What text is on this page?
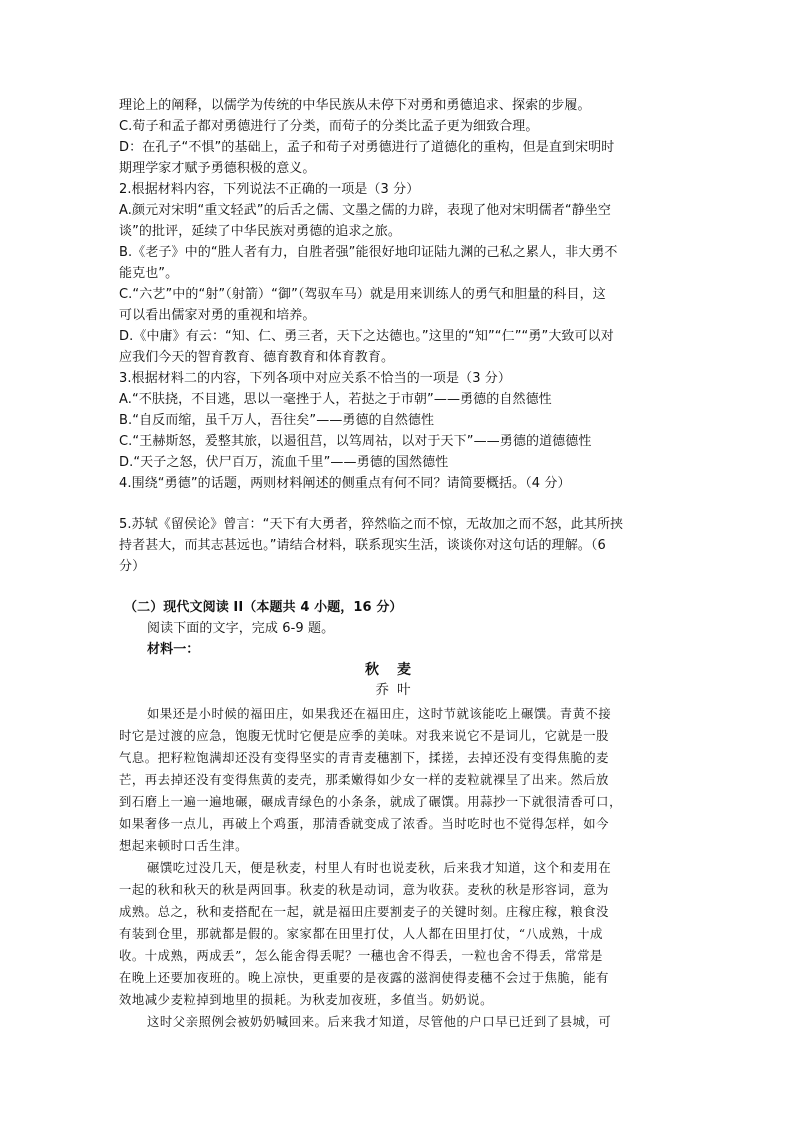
理论上的阐释，以儒学为传统的中华民族从未停下对勇和勇德追求、探索的步履。
C.荀子和孟子都对勇德进行了分类，而荀子的分类比孟子更为细致合理。
D：在孔子“不惧”的基础上，孟子和荀子对勇德进行了道德化的重构，但是直到宋明时
期理学家才赋予勇德积极的意义。
2.根据材料内容，下列说法不正确的一项是（3 分）
A.颜元对宋明“重文轻武”的后舌之儒、文墨之儒的力辟，表现了他对宋明儒者“静坐空
谈”的批评，延续了中华民族对勇德的追求之旅。
B.《老子》中的“胜人者有力，自胜者强”能很好地印证陆九渊的己私之累人，非大勇不
能克也”。
C.“六艺”中的“射”（射箭）“御”（驾驭车马）就是用来训练人的勇气和胆量的科目，这
可以看出儒家对勇的重视和培养。
D.《中庸》有云：“知、仁、勇三者，天下之达德也。”这里的“知”“仁”“勇”大致可以对
应我们今天的智育教育、德育教育和体育教育。
3.根据材料二的内容，下列各项中对应关系不恰当的一项是（3 分）
A.“不肤挠，不目逃，思以一毫挫于人，若挞之于市朝”——勇德的自然德性
B.“自反而缩，虽千万人，吾往矣”——勇德的自然德性
C.“王赫斯怒，爰整其旅，以遏徂莒，以笃周祜，以对于天下”——勇德的道德德性
D.“天子之怒，伏尸百万，流血千里”——勇德的国然德性
4.围绕“勇德”的话题，两则材料阐述的侧重点有何不同？请简要概括。（4 分）
5.苏轼《留侯论》曾言：“天下有大勇者，猝然临之而不惊，无故加之而不怒，此其所挟
持者甚大，而其志甚远也。”请结合材料，联系现实生活，谈谈你对这句话的理解。（6
分）
（二）现代文阅读 II（本题共 4 小题，16 分）
阅读下面的文字，完成 6-9 题。
材料一：
秋麦
乔叶
如果还是小时候的福田庄，如果我还在福田庄，这时节就该能吃上碾馔。青黄不接
时它是过渡的应急，饱腹无忧时它便是应季的美味。对我来说它不是词儿，它就是一股
气息。把籽粒饱满却还没有变得坚实的青青麦穗割下，揉搓，去掉还没有变得焦脆的麦
芒，再去掉还没有变得焦黄的麦壳，那柔嫩得如少女一样的麦粒就裸呈了出来。然后放
到石磨上一遍一遍地碾，碾成青绿色的小条条，就成了碾馔。用蒜抄一下就很清香可口，
如果奢侈一点儿，再破上个鸡蛋，那清香就变成了浓香。当时吃时也不觉得怎样，如今
想起来顿时口舌生津。
碾馔吃过没几天，便是秋麦，村里人有时也说麦秋，后来我才知道，这个和麦用在
一起的秋和秋天的秋是两回事。秋麦的秋是动词，意为收获。麦秋的秋是形容词，意为
成熟。总之，秋和麦搭配在一起，就是福田庄要割麦子的关键时刻。庄稼庄稼，粮食没
有装到仓里，那就都是假的。家家都在田里打仗，人人都在田里打仗，“八成熟，十成
收。十成熟，两成丢”，怎么能舍得丢呢？一穗也舍不得丢，一粒也舍不得丢，常常是
在晚上还要加夜班的。晚上凉快，更重要的是夜露的滋润使得麦穗不会过于焦脆，能有
效地减少麦粒掉到地里的损耗。为秋麦加夜班，多值当。奶奶说。
这时父亲照例会被奶奶喊回来。后来我才知道，尽管他的户口早已迁到了县城，可
